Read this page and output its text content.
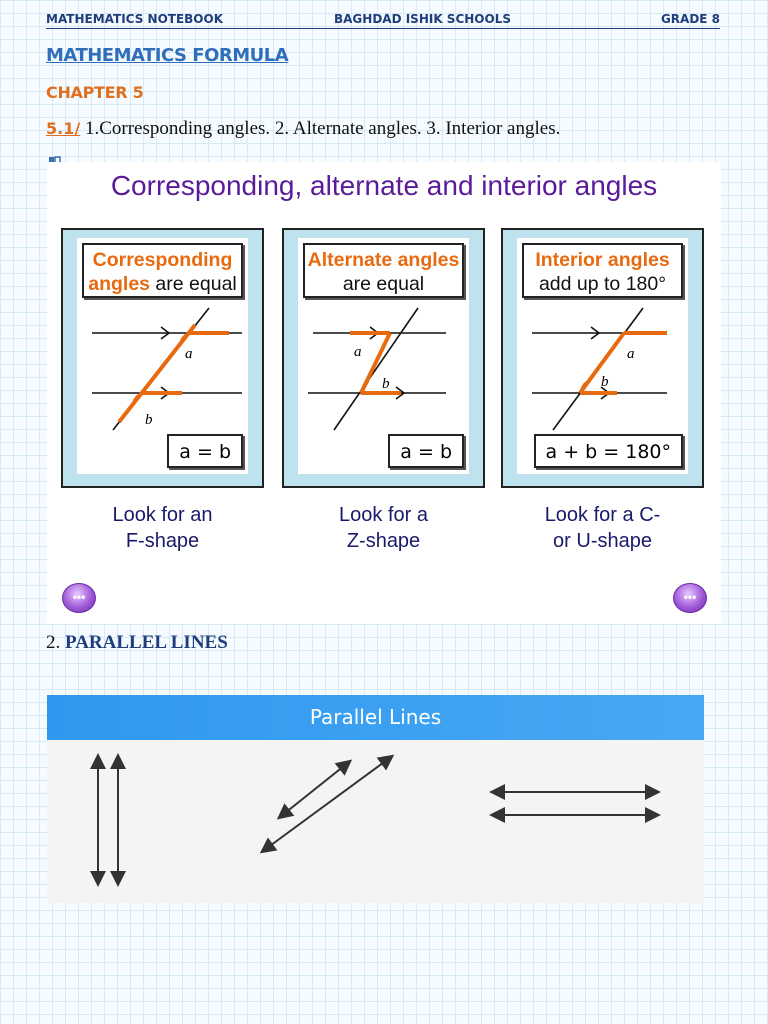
MATHEMATICS NOTEBOOK	BAGHDAD ISHIK SCHOOLS	GRADE 8
MATHEMATICS FORMULA
CHAPTER 5
5.1/ 1.Corresponding angles. 2. Alternate angles. 3. Interior angles.
Corresponding, alternate and interior angles
Corresponding
angles are equal
a = b
a
b
Alternate angles
are equal
a = b
a
b
Interior angles
add up to 180°
a + b = 180°
a
b
Look for an
F-shape
Look for a
Z-shape
Look for a C-
or U-shape
•••	•••
2. PARALLEL LINES
Parallel Lines
